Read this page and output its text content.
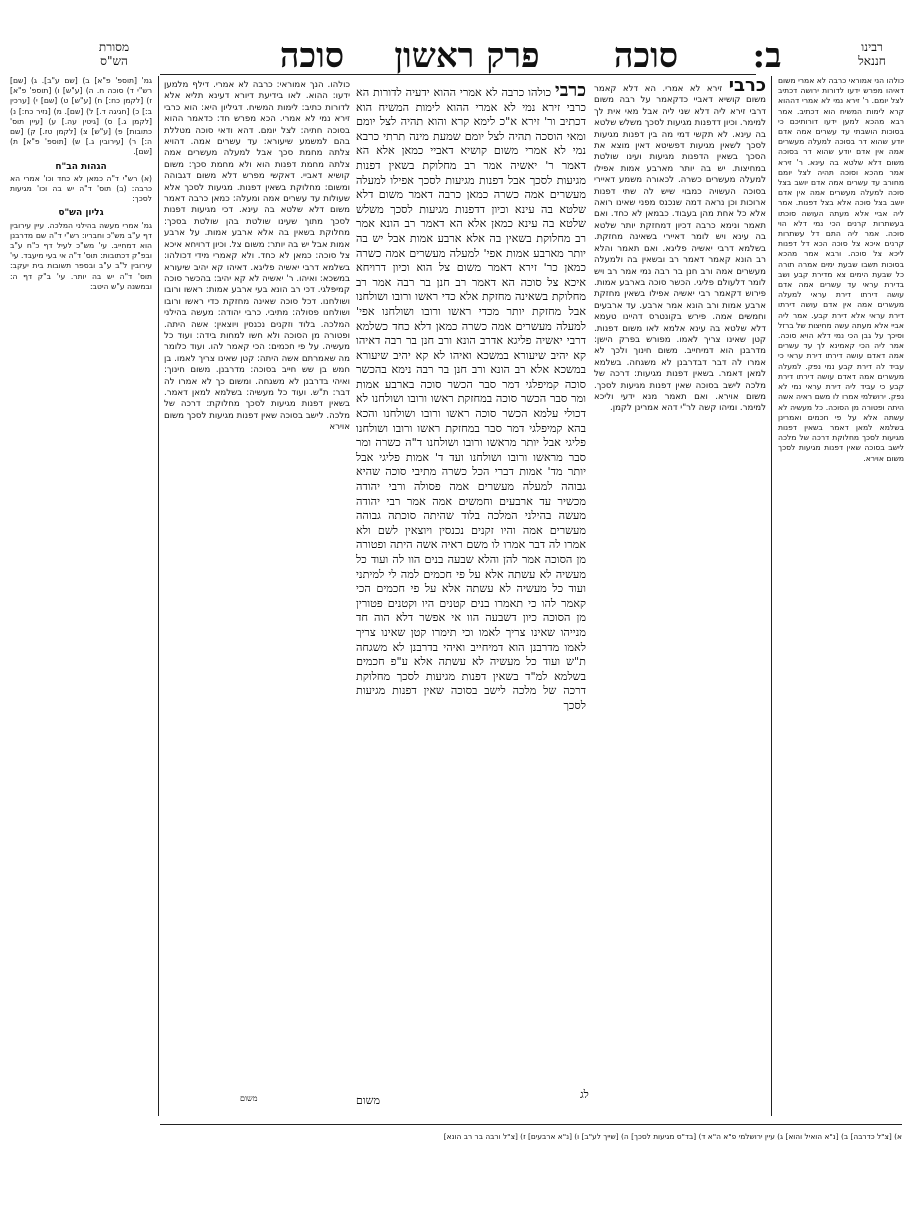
רבינו
חננאל
ב:
סוכה
פרק ראשון
סוכה
מסורת
הש"ס

כולהו הני אמוראי כרבה לא אמרי משום דאיהו מפרש ידעו לדורות ירושה דכתיב לצל יומם. ר' זירא נמי לא אמרי דההוא קרא לימות המשיח הוא דכתיב. אמר רבא מהכא למען ידעו דורותיכם כי בסוכות הושבתי עד עשרים אמה אדם יודע שהוא דר בסוכה למעלה מעשרים אמה אין אדם יודע שהוא דר בסוכה משום דלא שלטא בה עינא. ר' זירא אמר מהכא וסוכה תהיה לצל יומם מחורב עד עשרים אמה אדם יושב בצל סוכה למעלה מעשרים אמה אין אדם יושב בצל סוכה אלא בצל דפנות. אמר ליה אביי אלא מעתה העושה סוכתו בעשתרות קרנים הכי נמי דלא הוי סוכה. אמר ליה התם דל עשתרות קרנים איכא צל סוכה הכא דל דפנות ליכא צל סוכה. ורבא אמר מהכא בסוכות תשבו שבעת ימים אמרה תורה כל שבעת הימים צא מדירת קבע ושב בדירת עראי עד עשרים אמה אדם עושה דירתו דירת עראי למעלה מעשרים אמה אין אדם עושה דירתו דירת עראי אלא דירת קבע. אמר ליה אביי אלא מעתה עשה מחיצות של ברזל וסיכך על גבן הכי נמי דלא הויא סוכה. אמר ליה הכי קאמינא לך עד עשרים אמה דאדם עושה דירתו דירת עראי כי עביד לה דירת קבע נמי נפק. למעלה מעשרים אמה דאדם עושה דירתו דירת קבע כי עביד ליה דירת עראי נמי לא נפק. ירושלמי אמרו לו משם ראיה אשה היתה ופטורה מן הסוכה. כל מעשיה לא עשתה אלא על פי חכמים ואמרינן בשלמא למאן דאמר בשאין דפנות מגיעות לסכך מחלוקת דרכה של מלכה לישב בסוכה שאין דפנות מגיעות לסכך משום אוירא.

כרבי זירא לא אמרי. הא דלא קאמר משום קושיא דאביי כדקאמר על רבה משום דרבי זירא ליה דלא שני ליה אבל מאי אית לך למימר. וכיון דדפנות מגיעות לסכך משלש שלטא בה עינא. לא תקשי דמי מה בין דפנות מגיעות לסכך לשאין מגיעות דפשיטא דאין מוצא את הסכך בשאין הדפנות מגיעות ועינו שולטת במחיצות. יש בה יותר מארבע אמות אפילו למעלה מעשרים כשרה. לכאורה משמע דאיירי בסוכה העשויה כמבוי שיש לה שתי דפנות ארוכות וכן נראה דמה שנכנס מפני שאינו רואה אלא כל אחת מהן בעבוד. כבמאן לא כחד. ואם תאמר ונימא כרבה דכיון דמחזקת יותר שלטא בה עינא ויש לומר דאיירי בשאינה מחזקת. בשלמא דרבי יאשיה פליגא. ואם תאמר והלא רב הונא קאמר דאמר רב ובשאין בה ולמעלה מעשרים אמה ורב חנן בר רבה נמי אמר רב ויש לומר דלעולם פליגי. הכשר סוכה בארבע אמות. פירוש דקאמר רבי יאשיה אפילו בשאין מחזקת ארבע אמות ורב הונא אמר ארבע. עד ארבעים וחמשים אמה. פירש בקונטרס דהיינו טעמא דלא שלטא בה עינא אלמא לאו משום דפנות. קטן שאינו צריך לאמו. מפורש בפרק הישן: מדרבנן הוא דמיחייב. משום חינוך ולכך לא אמרו לה דבר דבדרבנן לא משגחה. בשלמא למאן דאמר. בשאין דפנות מגיעות: דרכה של מלכה לישב בסוכה שאין דפנות מגיעות לסכך. משום אוירא. ואם תאמר מנא ידעי וליכא למימר. ומיהו קשה לר"י דהא אמרינן לקמן.

כרבי כולהו כרבה לא אמרי ההוא ידעיה לדורות הא כרבי זירא נמי לא אמרי ההוא לימות המשיח הוא דכתיב ור' זירא א"כ לימא קרא והוא תהיה לצל יומם ומאי הוסכה תהיה לצל יומם שמעת מינה תרתי כרבא נמי לא אמרי משום קושיא דאביי כמאן אלא הא דאמר ר' יאשיה אמר רב מחלוקת בשאין דפנות מגיעות לסכך אבל דפנות מגיעות לסכך אפילו למעלה מעשרים אמה כשרה כמאן כרבה דאמר משום דלא שלטא בה עינא וכיון דדפנות מגיעות לסכך משלש שלטא בה עינא כמאן אלא הא דאמר רב הונא אמר רב מחלוקת בשאין בה אלא ארבע אמות אבל יש בה יותר מארבע אמות אפי' למעלה מעשרים אמה כשרה כמאן כר' זירא דאמר משום צל הוא וכיון דרויחא איכא צל סוכה הא דאמר רב חנן בר רבה אמר רב מחלוקת בשאינה מחזקת אלא כדי ראשו ורובו ושולחנו אבל מחזקת יותר מכדי ראשו ורובו ושולחנו אפי' למעלה מעשרים אמה כשרה כמאן דלא כחד כשלמא דרבי יאשיה פליגא אדרב הונא ורב חנן בר רבה דאיהו קא יהיב שיעורא במשכא ואיהו לא קא יהיב שיעורא במשכא אלא רב הונא ורב חנן בר רבה נימא בהכשר סוכה קמיפלגי דמר סבר הכשר סוכה בארבע אמות ומר סבר הכשר סוכה במחזקת ראשו ורובו ושולחנו לא דכולי עלמא הכשר סוכה ראשו ורובו ושולחנו והכא בהא קמיפלגי דמר סבר במחזקת ראשו ורובו ושולחנו פליגי אבל יותר מראשו ורובו ושולחנו ד"ה כשרה ומר סבר מראשו ורובו ושולחנו ועד ד' אמות פליגי אבל יותר מד' אמות דברי הכל כשרה מתיבי סוכה שהיא גבוהה למעלה מעשרים אמה פסולה ורבי יהודה מכשיר עד ארבעים וחמשים אמה אמר רבי יהודה מעשה בהילני המלכה בלוד שהיתה סוכתה גבוהה מעשרים אמה והיו זקנים נכנסין ויוצאין לשם ולא אמרו לה דבר אמרו לו משם ראיה אשה היתה ופטורה מן הסוכה אמר להן והלא שבעה בנים הוו לה ועוד כל מעשיה לא עשתה אלא על פי חכמים למה לי למיתני ועוד כל מעשיה לא עשתה אלא על פי חכמים הכי קאמר להו כי תאמרו בנים קטנים היו וקטנים פטורין מן הסוכה כיון דשבעה הוו אי אפשר דלא הוה חד מנייהו שאינו צריך לאמו וכי תימרו קטן שאינו צריך לאמו מדרבנן הוא דמיחייב ואיהי בדרבנן לא משגחה ת"ש ועוד כל מעשיה לא עשתה אלא ע"פ חכמים בשלמא למ"ד בשאין דפנות מגיעות לסכך מחלוקת דרכה של מלכה לישב בסוכה שאין דפנות מגיעות לסכך

לג
משום

כולהו. הנך אמוראי: כרבה לא אמרי. דילף מלמען ידעו: ההוא. לאו בידיעת דיורא דעינא תליא אלא לדורות כתיב: לימות המשיח. דגיליון היא: הוא כרבי זירא נמי לא אמרי. הכא מפרש חד: כדאמר ההוא בסוכה חתיה: לצל יומם. דהא ודאי סוכה מטללת בהם למשמע שיעורא: עד עשרים אמה. דהויא צלתה מחמת סכך אבל למעלה מעשרים אמה צלתה מחמת דפנות הוא ולא מחמת סכך: משום קושיא דאביי. דאקשי מפרש דלא משום דגבוהה ומשום: מחלוקת בשאין דפנות. מגיעות לסכך אלא שעולות עד עשרים אמה ומעלה: כמאן כרבה דאמר משום דלא שלטא בה עינא. דכי מגיעות דפנות לסכך מתוך שעינו שולטת בהן שולטת בסכך: מחלוקת בשאין בה אלא ארבע אמות. על ארבע אמות אבל יש בה יותר: משום צל. וכיון דרויחא איכא צל סוכה: כמאן לא כחד. ולא קאמרי מידי דכולהו: בשלמא דרבי יאשיה פליגא. דאיהו קא יהיב שיעורא במשכא: ואיהו. ר' יאשיה לא קא יהיב: בהכשר סוכה קמיפלגי. דכי רב הונא בעי ארבע אמות: ראשו ורובו ושולחנו. דכל סוכה שאינה מחזקת כדי ראשו ורובו ושולחנו פסולה: מתיבי. כרבי יהודה: מעשה בהילני המלכה. בלוד וזקנים נכנסין ויוצאין: אשה היתה. ופטורה מן הסוכה ולא חשו למחות בידה: ועוד כל מעשיה. על פי חכמים: הכי קאמר להו. ועוד כלומר מה שאמרתם אשה היתה: קטן שאינו צריך לאמו. בן חמש בן שש חייב בסוכה: מדרבנן. משום חינוך: ואיהי בדרבנן לא משגחה. ומשום כך לא אמרו לה דבר: ת"ש. ועוד כל מעשיה: בשלמא למאן דאמר. בשאין דפנות מגיעות לסכך מחלוקת: דרכה של מלכה. לישב בסוכה שאין דפנות מגיעות לסכך משום אוירא

משום

גמ' [תוספ' פ"א] ב) [שם ע"ב]. ג) [שם] רש"י ד) סוכה ח. ה) [ע"ש] ו) [תוספ' פ"א] ז) [לקמן כח:] ח) [ע"ש] ט) [שם] י) [ערכין ב:] כ) [חגיגה ד.] ל) [שם]. מ) [נזיר כח:] נ) [לקמן ג.] ס) [גיטין עה.] ע) [עיין תוס' כתובות] פ) [ע"ש] צ) [לקמן טז.] ק) [שם ה:] ר) [עירובין ג.] ש) [תוספ' פ"א] ת) [שם].

הגהות הב"ח

(א) רש"י ד"ה כמאן לא כחד וכו' אמרי הא כרבה: (ב) תוס' ד"ה יש בה וכו' מגיעות לסכך:

גליון הש"ס

גמ' אמרי מעשה בהילני המלכה. עיין עירובין דף ע"ב מש"כ וחבריו: רש"י ד"ה שם מדרבנן הוא דמחייב. עי' מש"כ לעיל דף כ"ח ע"ב ובפ"ק דכתובות: תוס' ד"ה אי בעי מיעבד. עי' עירובין ל"ב ע"ב ובספר תשובות בית יעקב: תוס' ד"ה יש בה יותר. עי' ב"ק דף ה: ובמשנה ע"ש היטב:

א) [צ"ל כדרבה] ב) [נ"א הואיל והוא] ג) עיין ירושלמי פ"א ה"א ד) [בד"ס מגיעות לסכך] ה) [שייך לע"ב] ו) [נ"א ארבעים] ז) [צ"ל ורבה בר רב הונא]
